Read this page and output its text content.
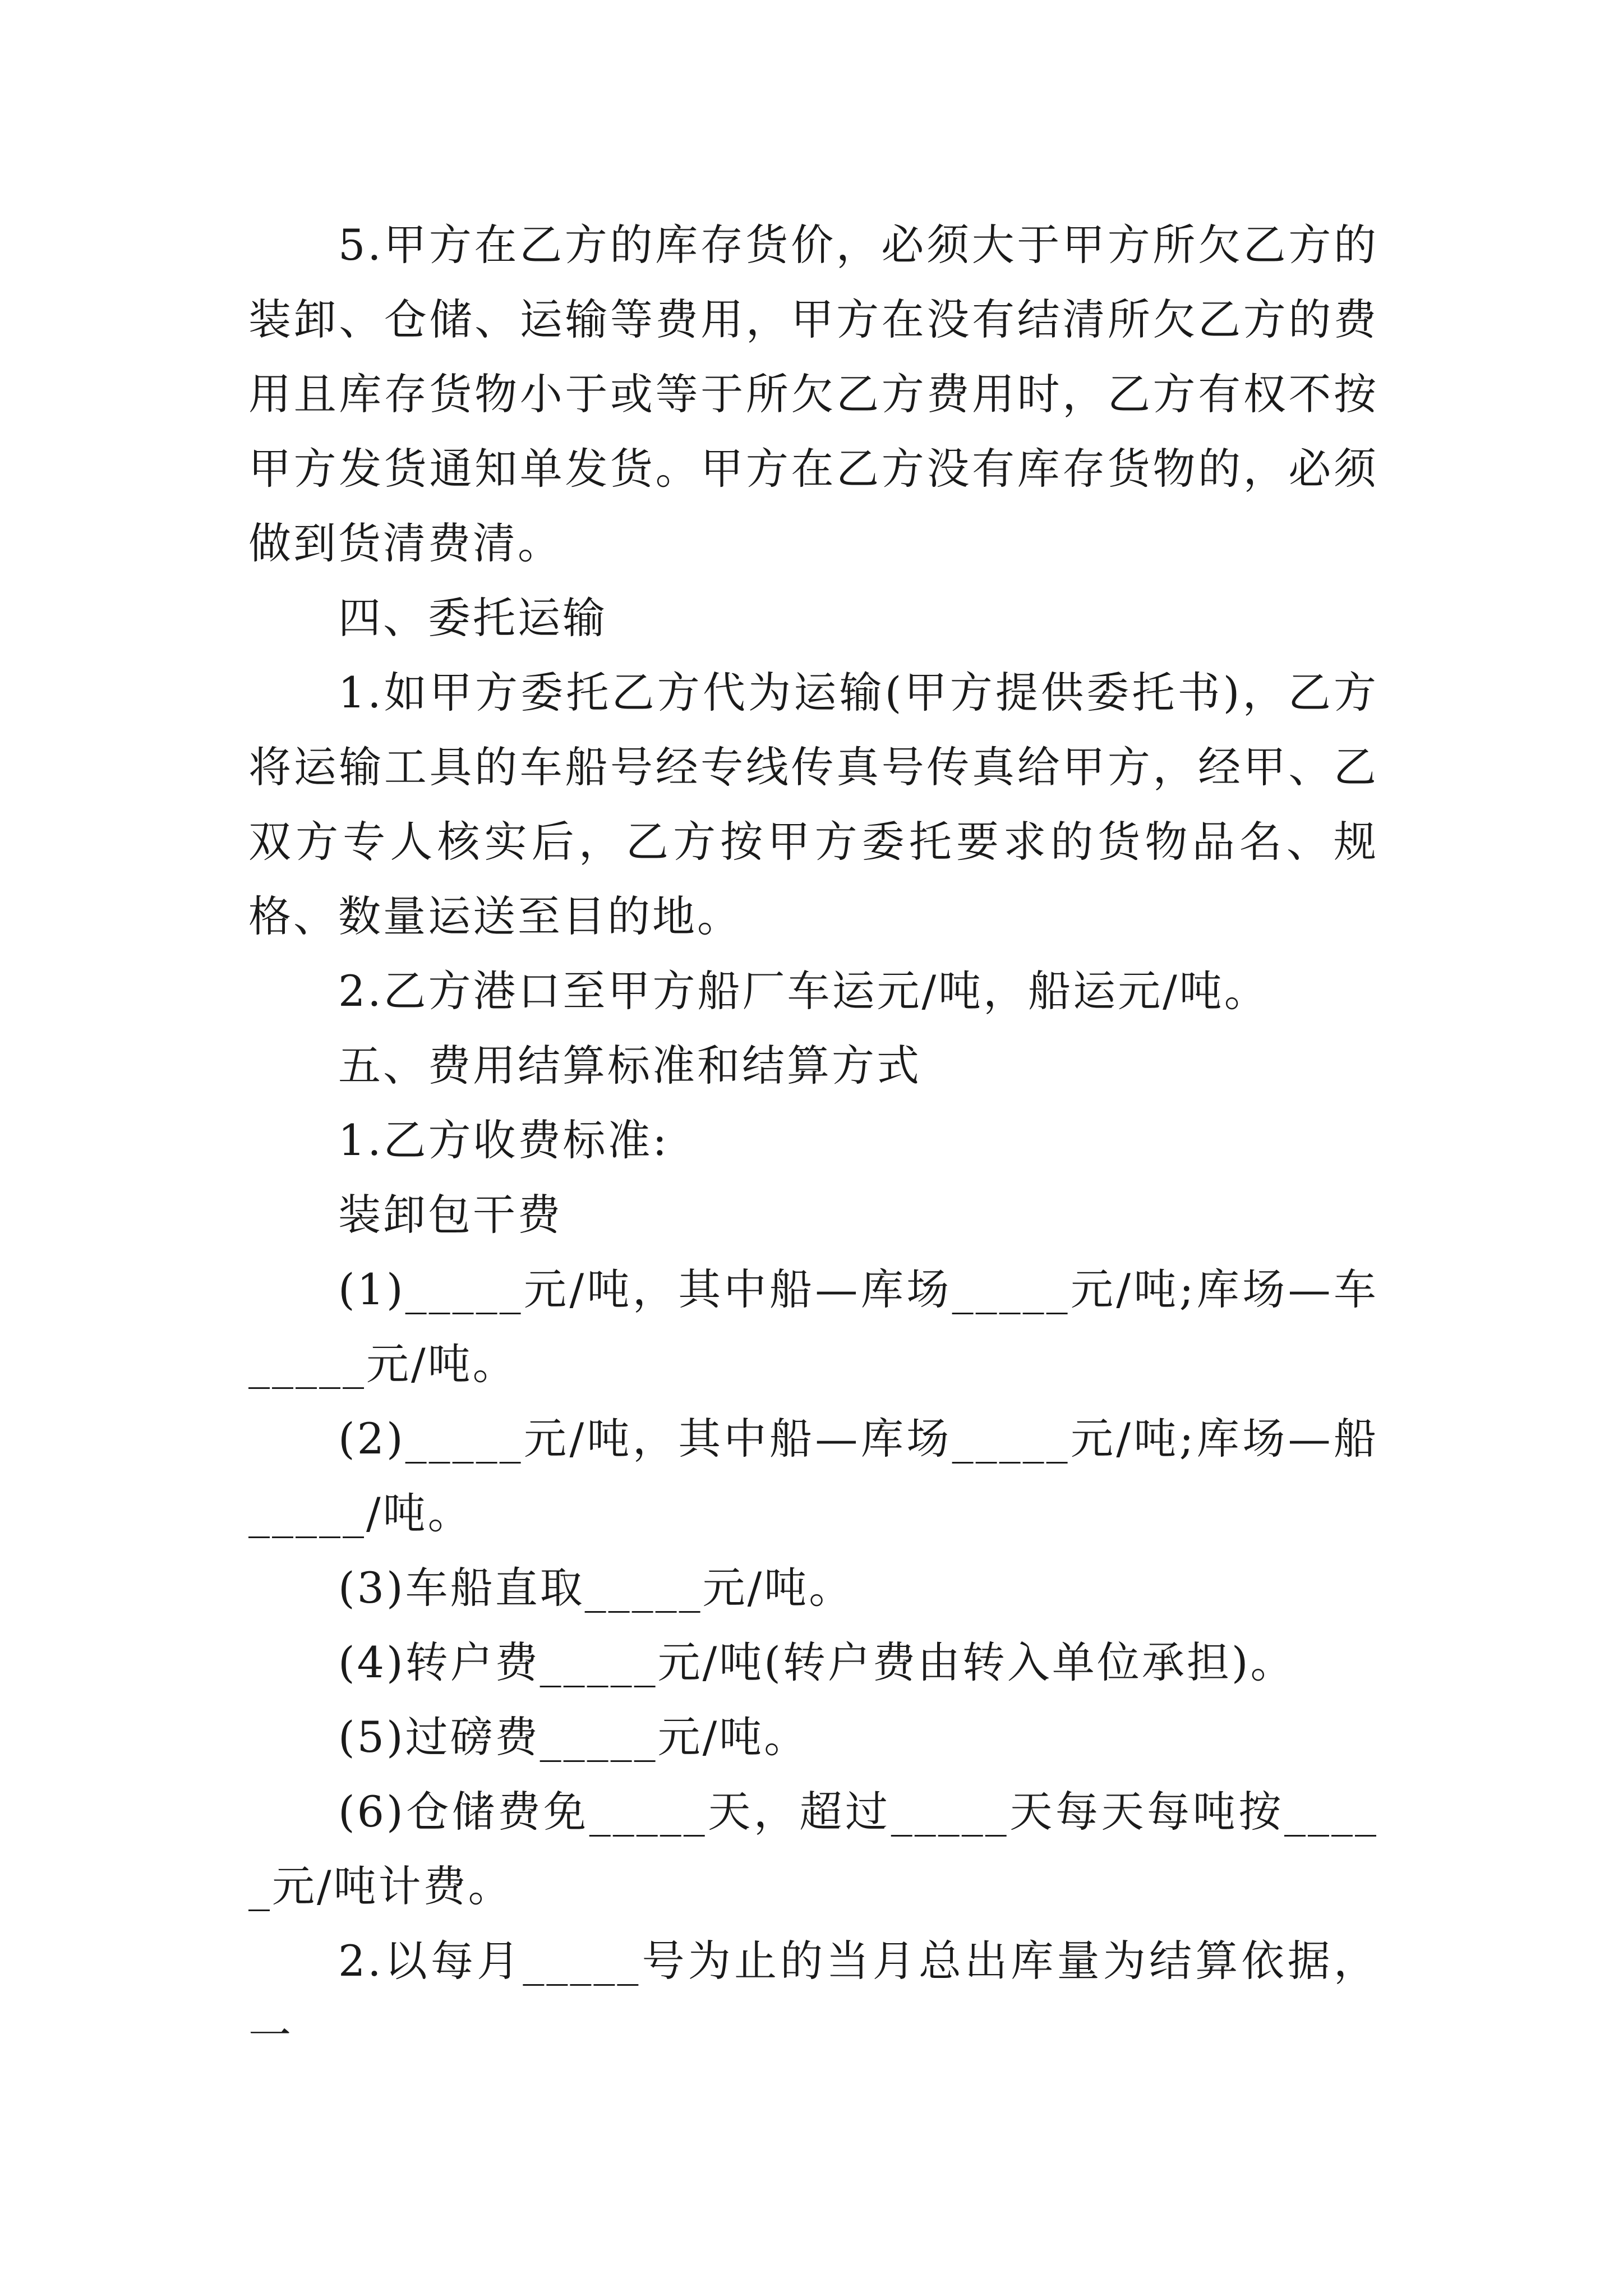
5.甲方在乙方的库存货价，必须大于甲方所欠乙方的装卸、仓储、运输等费用，甲方在没有结清所欠乙方的费用且库存货物小于或等于所欠乙方费用时，乙方有权不按甲方发货通知单发货。甲方在乙方没有库存货物的，必须做到货清费清。

四、委托运输

1.如甲方委托乙方代为运输(甲方提供委托书)，乙方将运输工具的车船号经专线传真号传真给甲方，经甲、乙双方专人核实后，乙方按甲方委托要求的货物品名、规格、数量运送至目的地。

2.乙方港口至甲方船厂车运元/吨，船运元/吨。

五、费用结算标准和结算方式

1.乙方收费标准:

装卸包干费

(1)_____元/吨，其中船—库场_____元/吨;库场—车_____元/吨。

(2)_____元/吨，其中船—库场_____元/吨;库场—船_____/吨。

(3)车船直取_____元/吨。

(4)转户费_____元/吨(转户费由转入单位承担)。

(5)过磅费_____元/吨。

(6)仓储费免_____天，超过_____天每天每吨按_____元/吨计费。

2.以每月_____号为止的当月总出库量为结算依据，一
